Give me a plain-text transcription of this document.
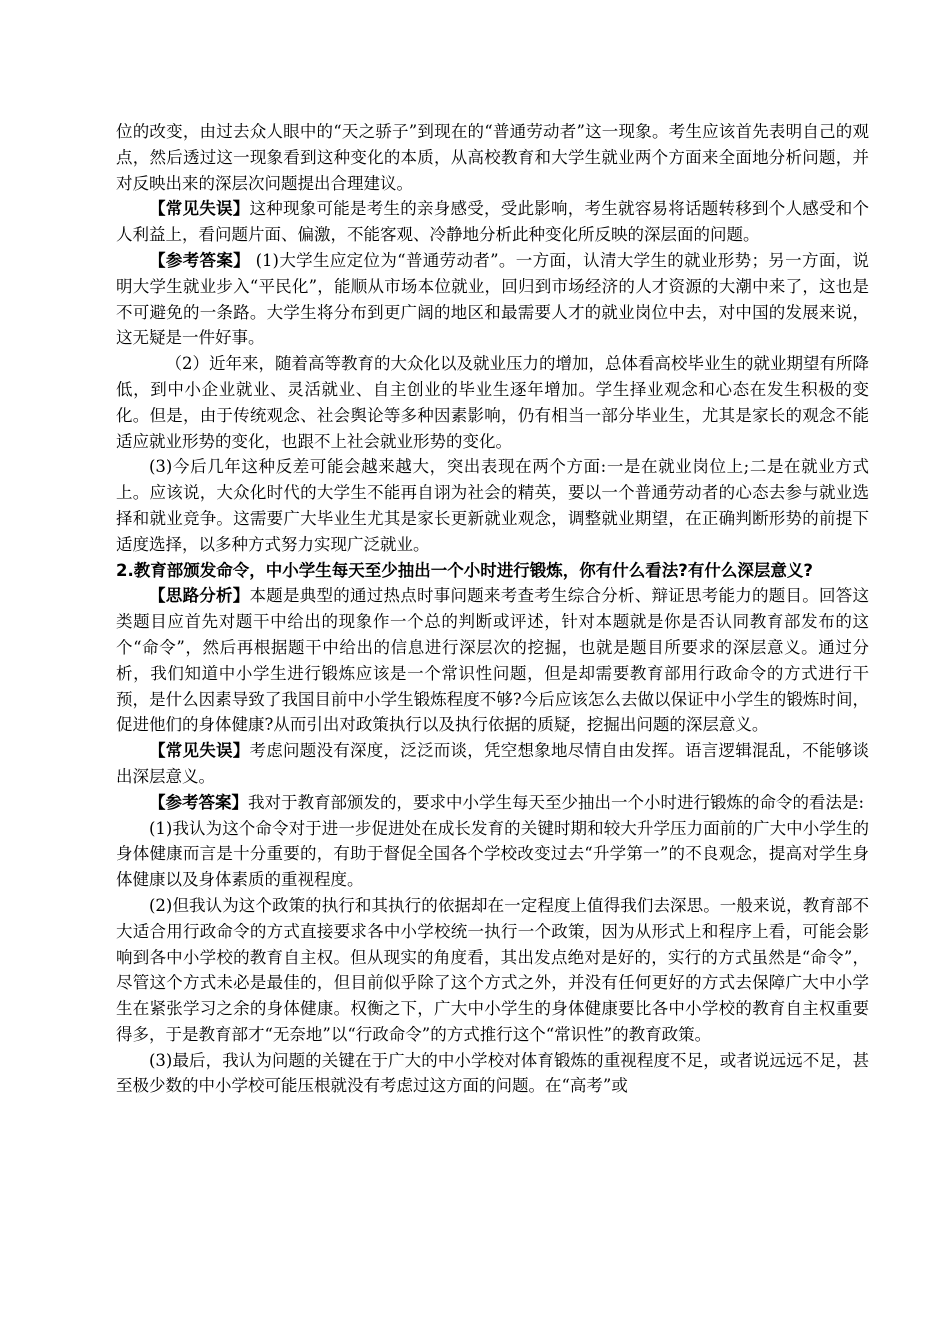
位的改变，由过去众人眼中的“天之骄子”到现在的“普通劳动者”这一现象。考生应该首先表明自己的观点，然后透过这一现象看到这种变化的本质，从高校教育和大学生就业两个方面来全面地分析问题，并对反映出来的深层次问题提出合理建议。

【常见失误】这种现象可能是考生的亲身感受，受此影响，考生就容易将话题转移到个人感受和个人利益上，看问题片面、偏激，不能客观、冷静地分析此种变化所反映的深层面的问题。

【参考答案】 (1)大学生应定位为“普通劳动者”。一方面，认清大学生的就业形势；另一方面，说明大学生就业步入“平民化”，能顺从市场本位就业，回归到市场经济的人才资源的大潮中来了，这也是不可避免的一条路。大学生将分布到更广阔的地区和最需要人才的就业岗位中去，对中国的发展来说，这无疑是一件好事。

（2）近年来，随着高等教育的大众化以及就业压力的增加，总体看高校毕业生的就业期望有所降低，到中小企业就业、灵活就业、自主创业的毕业生逐年增加。学生择业观念和心态在发生积极的变化。但是，由于传统观念、社会舆论等多种因素影响，仍有相当一部分毕业生，尤其是家长的观念不能适应就业形势的变化，也跟不上社会就业形势的变化。

(3)今后几年这种反差可能会越来越大，突出表现在两个方面:一是在就业岗位上;二是在就业方式上。应该说，大众化时代的大学生不能再自诩为社会的精英，要以一个普通劳动者的心态去参与就业选择和就业竞争。这需要广大毕业生尤其是家长更新就业观念，调整就业期望，在正确判断形势的前提下适度选择，以多种方式努力实现广泛就业。

2.教育部颁发命令，中小学生每天至少抽出一个小时进行锻炼，你有什么看法?有什么深层意义?

【思路分析】本题是典型的通过热点时事问题来考查考生综合分析、辩证思考能力的题目。回答这类题目应首先对题干中给出的现象作一个总的判断或评述，针对本题就是你是否认同教育部发布的这个“命令”，然后再根据题干中给出的信息进行深层次的挖掘，也就是题目所要求的深层意义。通过分析，我们知道中小学生进行锻炼应该是一个常识性问题，但是却需要教育部用行政命令的方式进行干预，是什么因素导致了我国目前中小学生锻炼程度不够?今后应该怎么去做以保证中小学生的锻炼时间，促进他们的身体健康?从而引出对政策执行以及执行依据的质疑，挖掘出问题的深层意义。

【常见失误】考虑问题没有深度，泛泛而谈，凭空想象地尽情自由发挥。语言逻辑混乱，不能够谈出深层意义。

【参考答案】我对于教育部颁发的，要求中小学生每天至少抽出一个小时进行锻炼的命令的看法是:

(1)我认为这个命令对于进一步促进处在成长发育的关键时期和较大升学压力面前的广大中小学生的身体健康而言是十分重要的，有助于督促全国各个学校改变过去“升学第一”的不良观念，提高对学生身体健康以及身体素质的重视程度。

(2)但我认为这个政策的执行和其执行的依据却在一定程度上值得我们去深思。一般来说，教育部不大适合用行政命令的方式直接要求各中小学校统一执行一个政策，因为从形式上和程序上看，可能会影响到各中小学校的教育自主权。但从现实的角度看，其出发点绝对是好的，实行的方式虽然是“命令”，尽管这个方式未必是最佳的，但目前似乎除了这个方式之外，并没有任何更好的方式去保障广大中小学生在紧张学习之余的身体健康。权衡之下，广大中小学生的身体健康要比各中小学校的教育自主权重要得多，于是教育部才“无奈地”以“行政命令”的方式推行这个“常识性”的教育政策。

(3)最后，我认为问题的关键在于广大的中小学校对体育锻炼的重视程度不足，或者说远远不足，甚至极少数的中小学校可能压根就没有考虑过这方面的问题。在“高考”或
